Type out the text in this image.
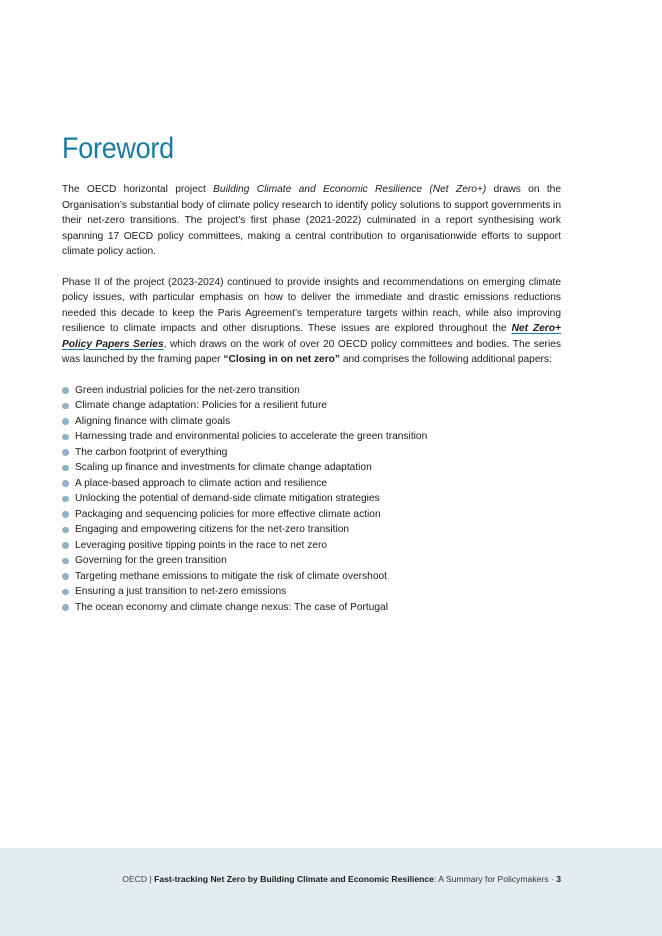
Foreword

The OECD horizontal project Building Climate and Economic Resilience (Net Zero+) draws on the Organisation’s substantial body of climate policy research to identify policy solutions to support governments in their net-zero transitions. The project’s first phase (2021-2022) culminated in a report synthesising work spanning 17 OECD policy committees, making a central contribution to organisationwide efforts to support climate policy action.

Phase II of the project (2023-2024) continued to provide insights and recommendations on emerging climate policy issues, with particular emphasis on how to deliver the immediate and drastic emissions reductions needed this decade to keep the Paris Agreement’s temperature targets within reach, while also improving resilience to climate impacts and other disruptions. These issues are explored throughout the Net Zero+ Policy Papers Series, which draws on the work of over 20 OECD policy committees and bodies. The series was launched by the framing paper “Closing in on net zero” and comprises the following additional papers:

Green industrial policies for the net-zero transition
Climate change adaptation: Policies for a resilient future
Aligning finance with climate goals
Harnessing trade and environmental policies to accelerate the green transition
The carbon footprint of everything
Scaling up finance and investments for climate change adaptation
A place-based approach to climate action and resilience
Unlocking the potential of demand-side climate mitigation strategies
Packaging and sequencing policies for more effective climate action
Engaging and empowering citizens for the net-zero transition
Leveraging positive tipping points in the race to net zero
Governing for the green transition
Targeting methane emissions to mitigate the risk of climate overshoot
Ensuring a just transition to net-zero emissions
The ocean economy and climate change nexus: The case of Portugal
OECD | Fast-tracking Net Zero by Building Climate and Economic Resilience: A Summary for Policymakers · 3
